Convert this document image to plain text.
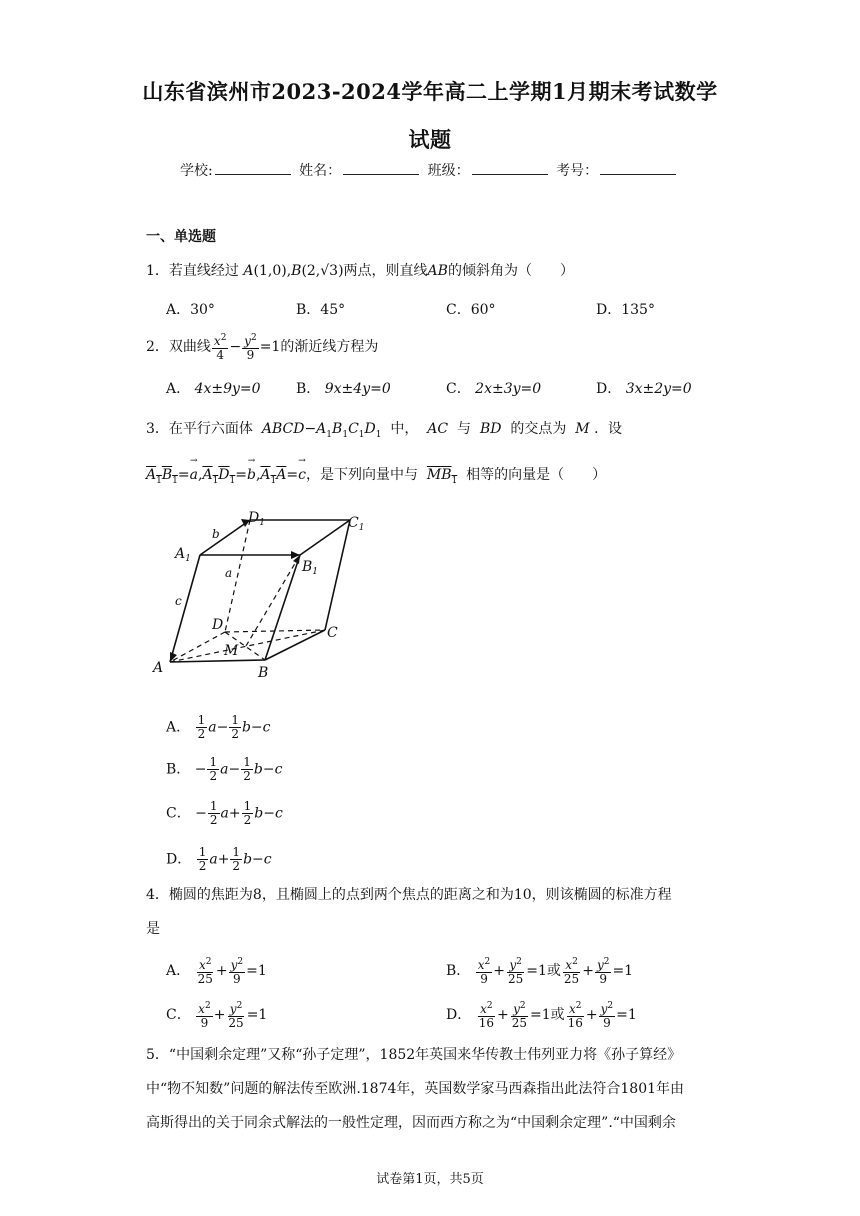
山东省滨州市2023-2024学年高二上学期1月期末考试数学
试题
学校:	姓名：	班级：	考号：
一、单选题
1．若直线经过 A(1,0),B(2,√3)两点，则直线AB的倾斜角为（　　）
A．30°	B．45°	C．60°	D．135°
2．双曲线 $\frac{x^2}{4} - \frac{y^2}{9} =1$的渐近线方程为
A． 4x±9y=0	B． 9x±4y=0	C． 2x±3y=0	D． 3x±2y=0
3．在平行六面体 $ABCD-A_1B_1C_1D_1$ 中， AC 与 BD 的交点为 M ．设
$A_1B_1=\to a,A_1D_1=\to b,A_1A=\to c$，是下列向量中与 $MB_1$ 相等的向量是（　　）
$A_1$	$B_1$
$C_1$
$D_1$
A	B
C
D
M
b
a
c
A． $\frac{1}{2} a- \frac{1}{2} b-c$
B． − $\frac{1}{2} a- \frac{1}{2} b-c$
C． − $\frac{1}{2} a+ \frac{1}{2} b-c$
D． $\frac{1}{2} a+ \frac{1}{2} b-c$
4．椭圆的焦距为8，且椭圆上的点到两个焦点的距离之和为10，则该椭圆的标准方程
是
A． $\frac{x^2}{25} + \frac{y^2}{9} =1$	B． $\frac{x^2}{9} + \frac{y^2}{25} =1$或 $\frac{x^2}{25} + \frac{y^2}{9} =1$
C． $\frac{x^2}{9} + \frac{y^2}{25} =1$	D． $\frac{x^2}{16} + \frac{y^2}{25} =1$或 $\frac{x^2}{16} + \frac{y^2}{9} =1$
5．“中国剩余定理”又称“孙子定理”，1852年英国来华传教士伟列亚力将《孙子算经》
中“物不知数”问题的解法传至欧洲.1874年，英国数学家马西森指出此法符合1801年由
高斯得出的关于同余式解法的一般性定理，因而西方称之为“中国剩余定理”.“中国剩余
试卷第1页，共5页
